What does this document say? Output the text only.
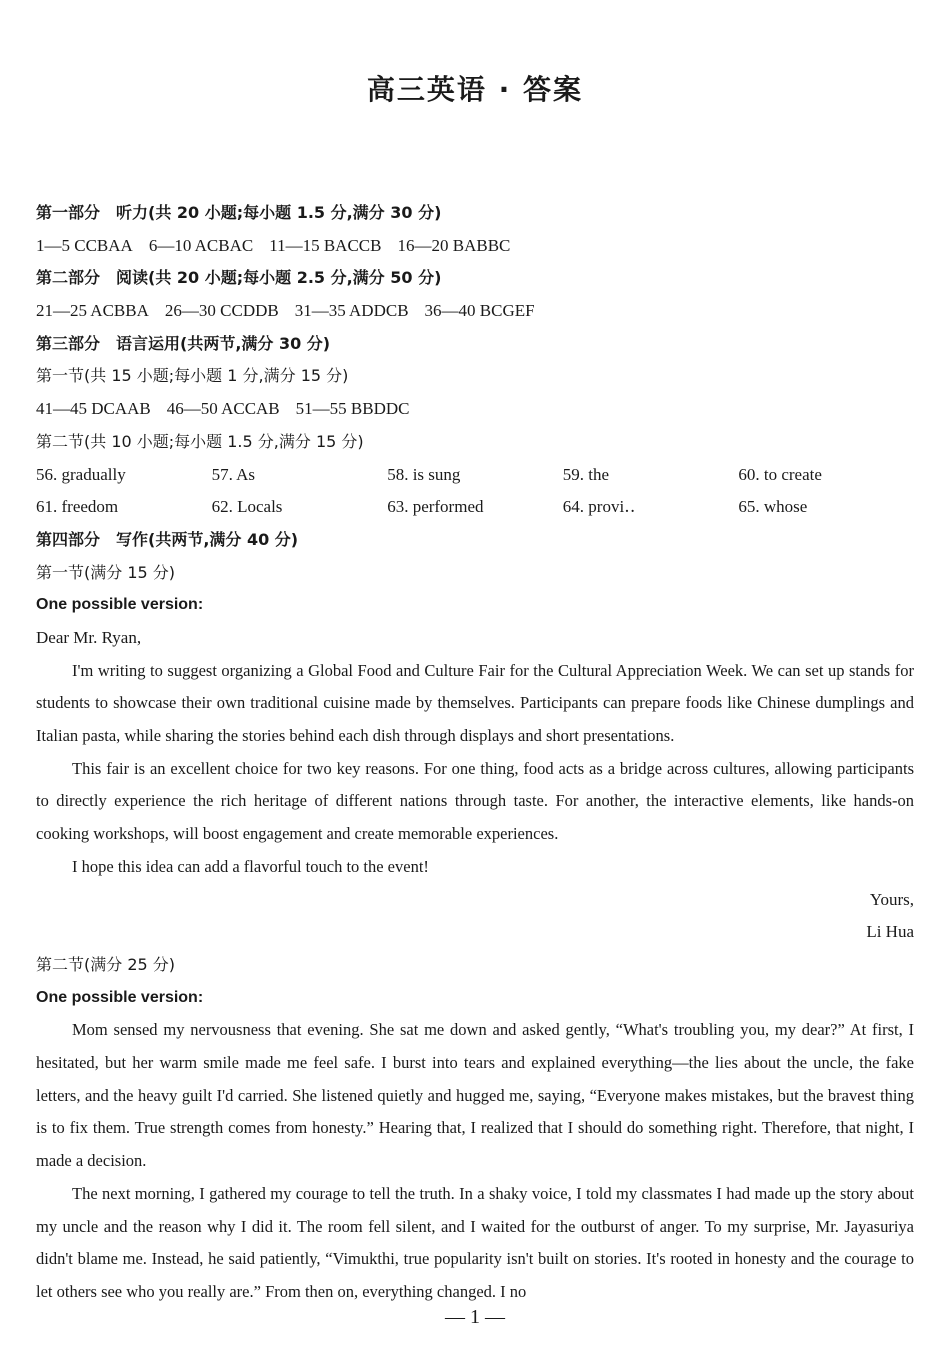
高三英语 · 答案
第一部分　听力(共 20 小题;每小题 1.5 分,满分 30 分)
1—5 CCBAA 6—10 ACBAC 11—15 BACCB 16—20 BABBC
第二部分　阅读(共 20 小题;每小题 2.5 分,满分 50 分)
21—25 ACBBA 26—30 CCDDB 31—35 ADDCB 36—40 BCGEF
第三部分　语言运用(共两节,满分 30 分)
第一节(共 15 小题;每小题 1 分,满分 15 分)
41—45 DCAAB 46—50 ACCAB 51—55 BBDDC
第二节(共 10 小题;每小题 1.5 分,满分 15 分)
56. gradually	57. As	58. is sung	59. the	60. to create
61. freedom	62. Locals	63. performed	64. provi‥	65. whose
第四部分　写作(共两节,满分 40 分)
第一节(满分 15 分)
One possible version:
Dear Mr. Ryan,
I'm writing to suggest organizing a Global Food and Culture Fair for the Cultural Appreciation Week. We can set up stands for students to showcase their own traditional cuisine made by themselves. Participants can prepare foods like Chinese dumplings and Italian pasta, while sharing the stories behind each dish through displays and short presentations.
This fair is an excellent choice for two key reasons. For one thing, food acts as a bridge across cultures, allowing participants to directly experience the rich heritage of different nations through taste. For another, the interactive elements, like hands-on cooking workshops, will boost engagement and create memorable experiences.
I hope this idea can add a flavorful touch to the event!
Yours,
Li Hua
第二节(满分 25 分)
One possible version:
Mom sensed my nervousness that evening. She sat me down and asked gently, “What's troubling you, my dear?” At first, I hesitated, but her warm smile made me feel safe. I burst into tears and explained everything—the lies about the uncle, the fake letters, and the heavy guilt I'd carried. She listened quietly and hugged me, saying, “Everyone makes mistakes, but the bravest thing is to fix them. True strength comes from honesty.” Hearing that, I realized that I should do something right. Therefore, that night, I made a decision.
The next morning, I gathered my courage to tell the truth. In a shaky voice, I told my classmates I had made up the story about my uncle and the reason why I did it. The room fell silent, and I waited for the outburst of anger. To my surprise, Mr. Jayasuriya didn't blame me. Instead, he said patiently, “Vimukthi, true popularity isn't built on stories. It's rooted in honesty and the courage to let others see who you really are.” From then on, everything changed. I no
— 1 —
